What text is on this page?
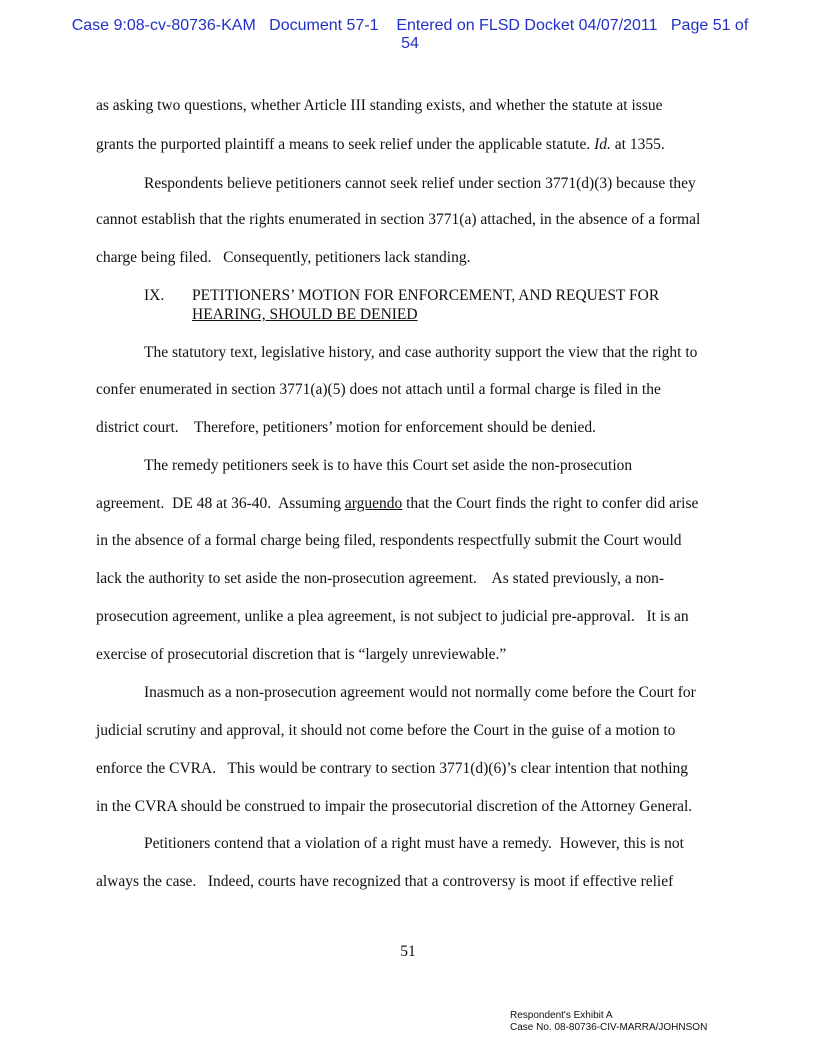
Case 9:08-cv-80736-KAM Document 57-1 Entered on FLSD Docket 04/07/2011 Page 51 of
54
as asking two questions, whether Article III standing exists, and whether the statute at issue
grants the purported plaintiff a means to seek relief under the applicable statute. Id. at 1355.
Respondents believe petitioners cannot seek relief under section 3771(d)(3) because they
cannot establish that the rights enumerated in section 3771(a) attached, in the absence of a formal
charge being filed.   Consequently, petitioners lack standing.
IX. PETITIONERS’ MOTION FOR ENFORCEMENT, AND REQUEST FOR
HEARING, SHOULD BE DENIED
The statutory text, legislative history, and case authority support the view that the right to
confer enumerated in section 3771(a)(5) does not attach until a formal charge is filed in the
district court.    Therefore, petitioners’ motion for enforcement should be denied.
The remedy petitioners seek is to have this Court set aside the non-prosecution
agreement.  DE 48 at 36-40.  Assuming arguendo that the Court finds the right to confer did arise
in the absence of a formal charge being filed, respondents respectfully submit the Court would
lack the authority to set aside the non-prosecution agreement.    As stated previously, a non-
prosecution agreement, unlike a plea agreement, is not subject to judicial pre-approval.   It is an
exercise of prosecutorial discretion that is “largely unreviewable.”
Inasmuch as a non-prosecution agreement would not normally come before the Court for
judicial scrutiny and approval, it should not come before the Court in the guise of a motion to
enforce the CVRA.   This would be contrary to section 3771(d)(6)’s clear intention that nothing
in the CVRA should be construed to impair the prosecutorial discretion of the Attorney General.
Petitioners contend that a violation of a right must have a remedy.  However, this is not
always the case.   Indeed, courts have recognized that a controversy is moot if effective relief
51
Respondent's Exhibit A
Case No. 08-80736-CIV-MARRA/JOHNSON
